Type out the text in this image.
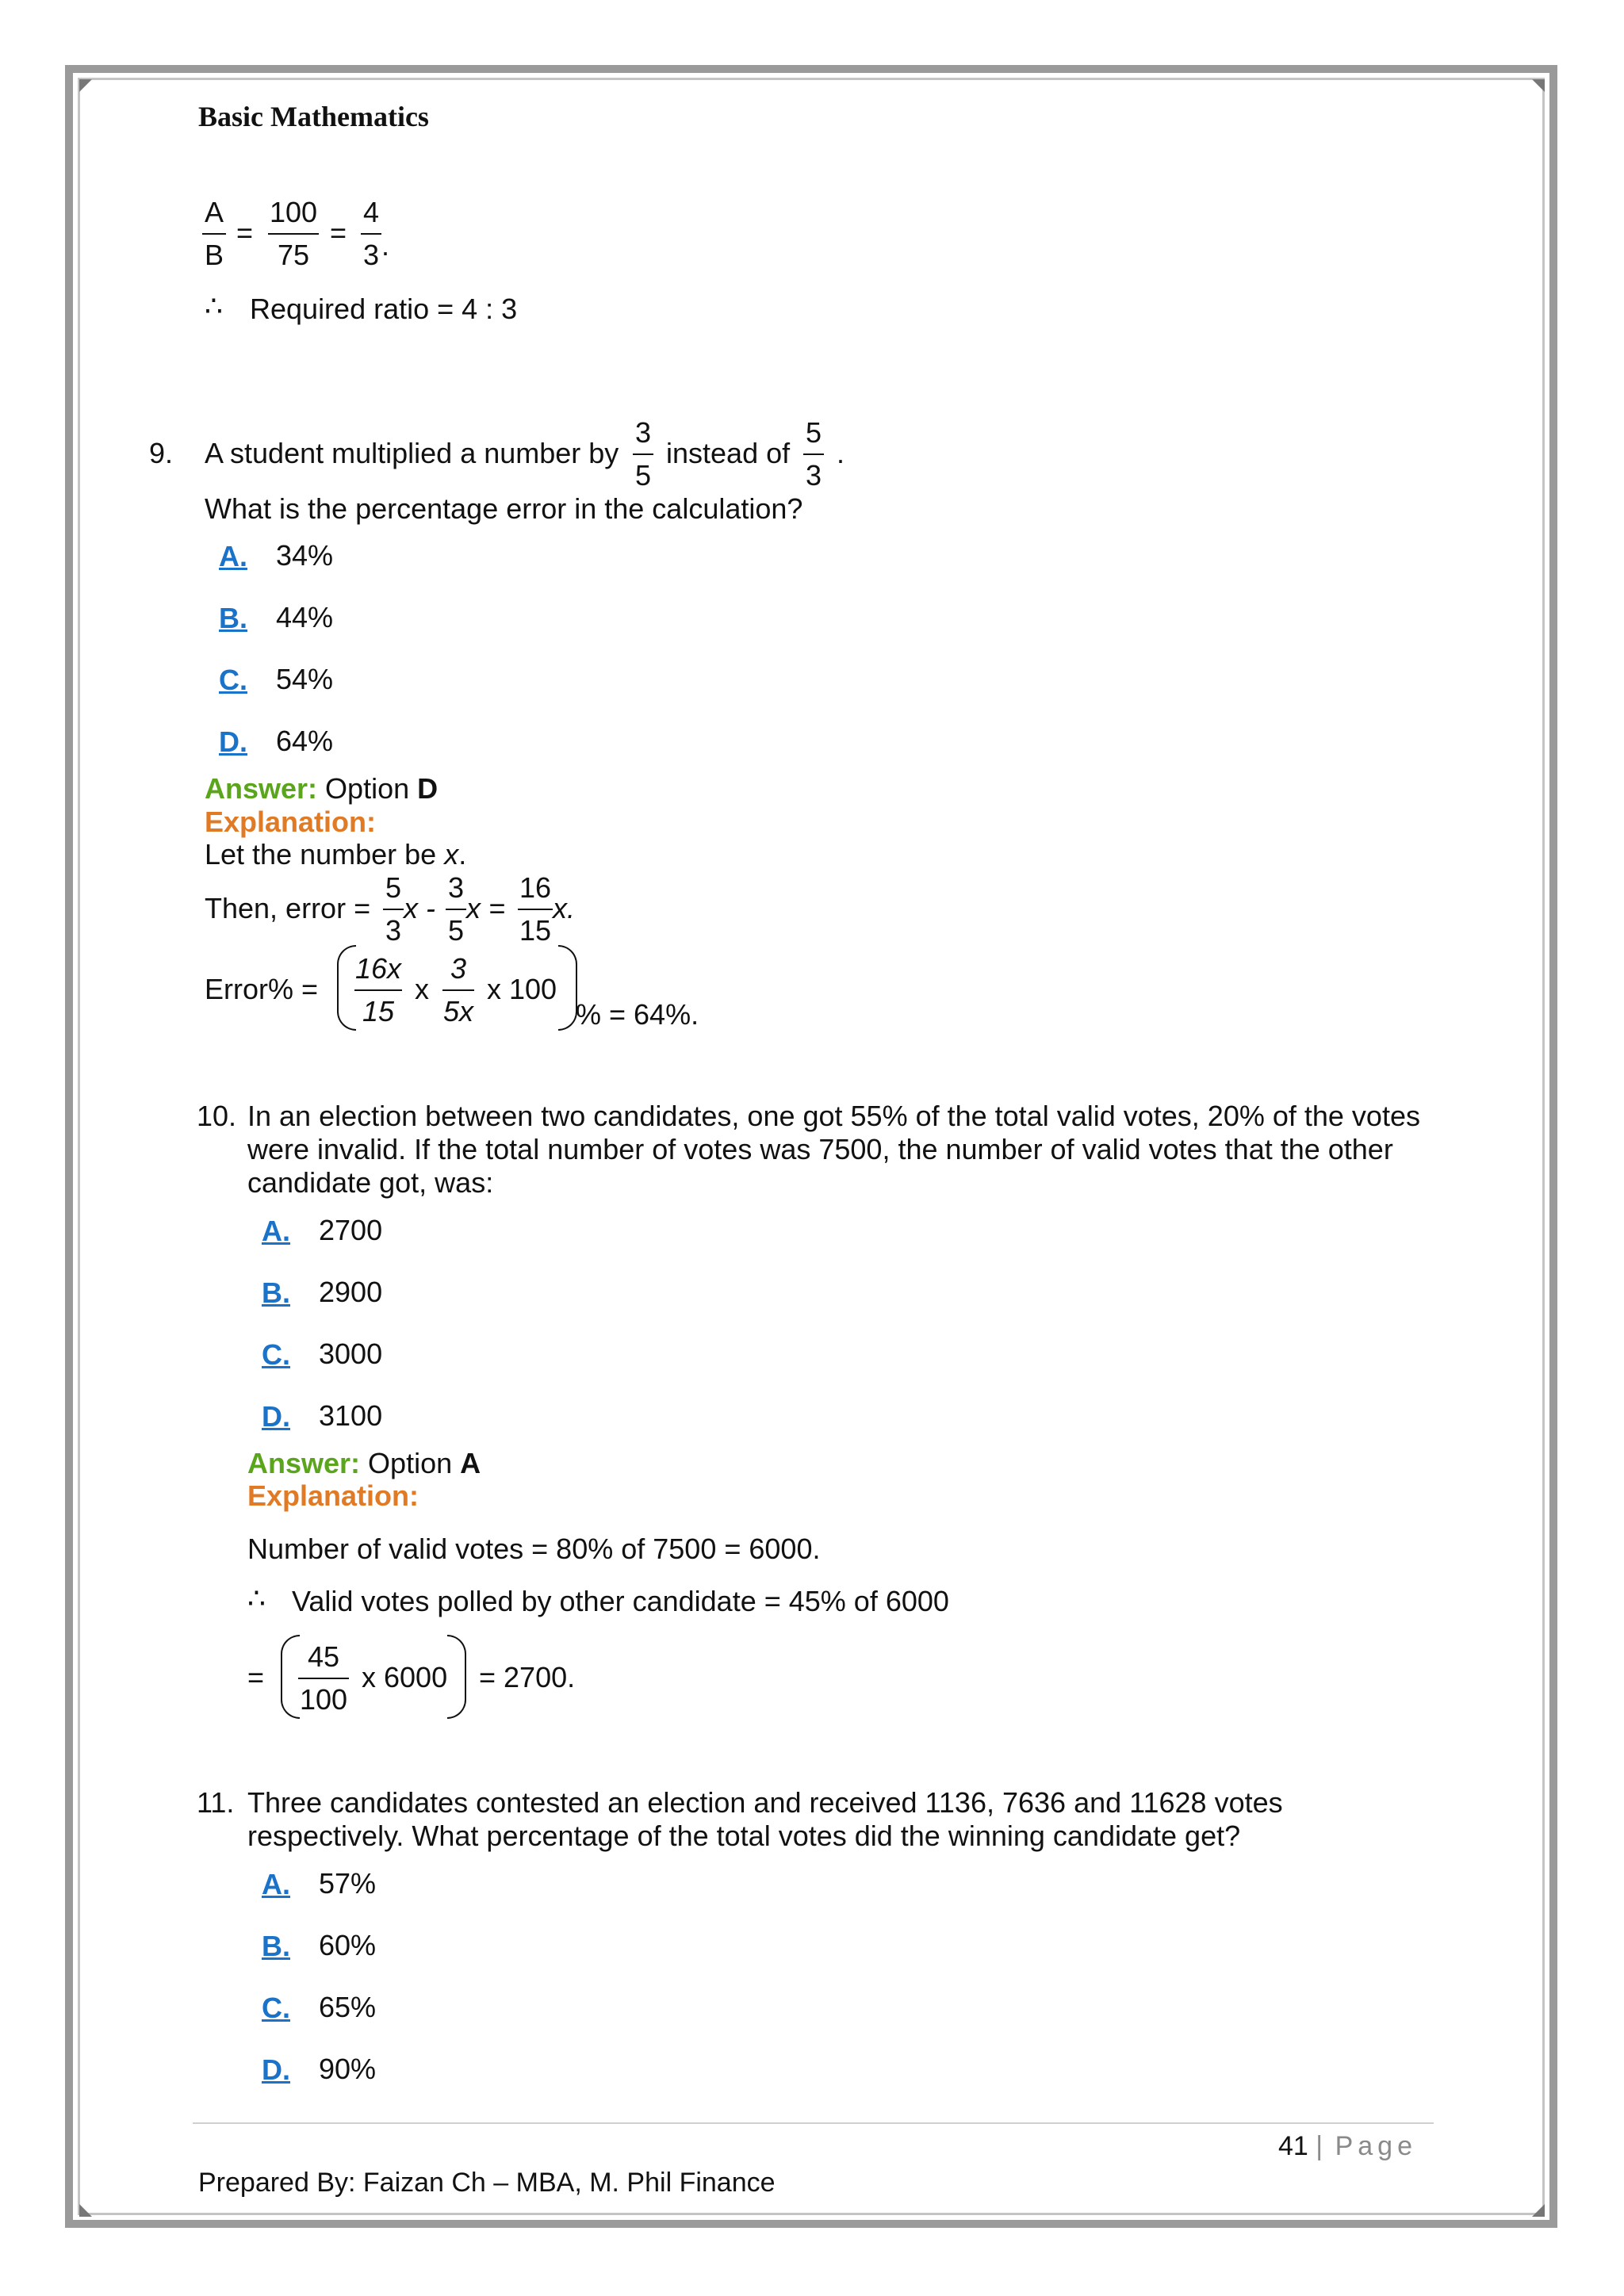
Basic Mathematics
A
B
=
100
75
=
4
3 .
∴ Required ratio = 4 : 3
9. A student multiplied a number by
3
5
instead of
5
3
.
What is the percentage error in the calculation?
A. 34%
B. 44%
C. 54%
D. 64%
Answer: Option D
Explanation:
Let the number be x.
Then, error =
5
3
x -
3
5
x =
16
15
x.
Error% =
16x
15
x
3
5x
x 100
% = 64%.
10. In an election between two candidates, one got 55% of the total valid votes, 20% of the votes
were invalid. If the total number of votes was 7500, the number of valid votes that the other
candidate got, was:
A. 2700
B. 2900
C. 3000
D. 3100
Answer: Option A
Explanation:
Number of valid votes = 80% of 7500 = 6000.
∴ Valid votes polled by other candidate = 45% of 6000
=
45
100
x 6000 = 2700.
11. Three candidates contested an election and received 1136, 7636 and 11628 votes
respectively. What percentage of the total votes did the winning candidate get?
A. 57%
B. 60%
C. 65%
D. 90%
41 | Page
Prepared By: Faizan Ch – MBA, M. Phil Finance
